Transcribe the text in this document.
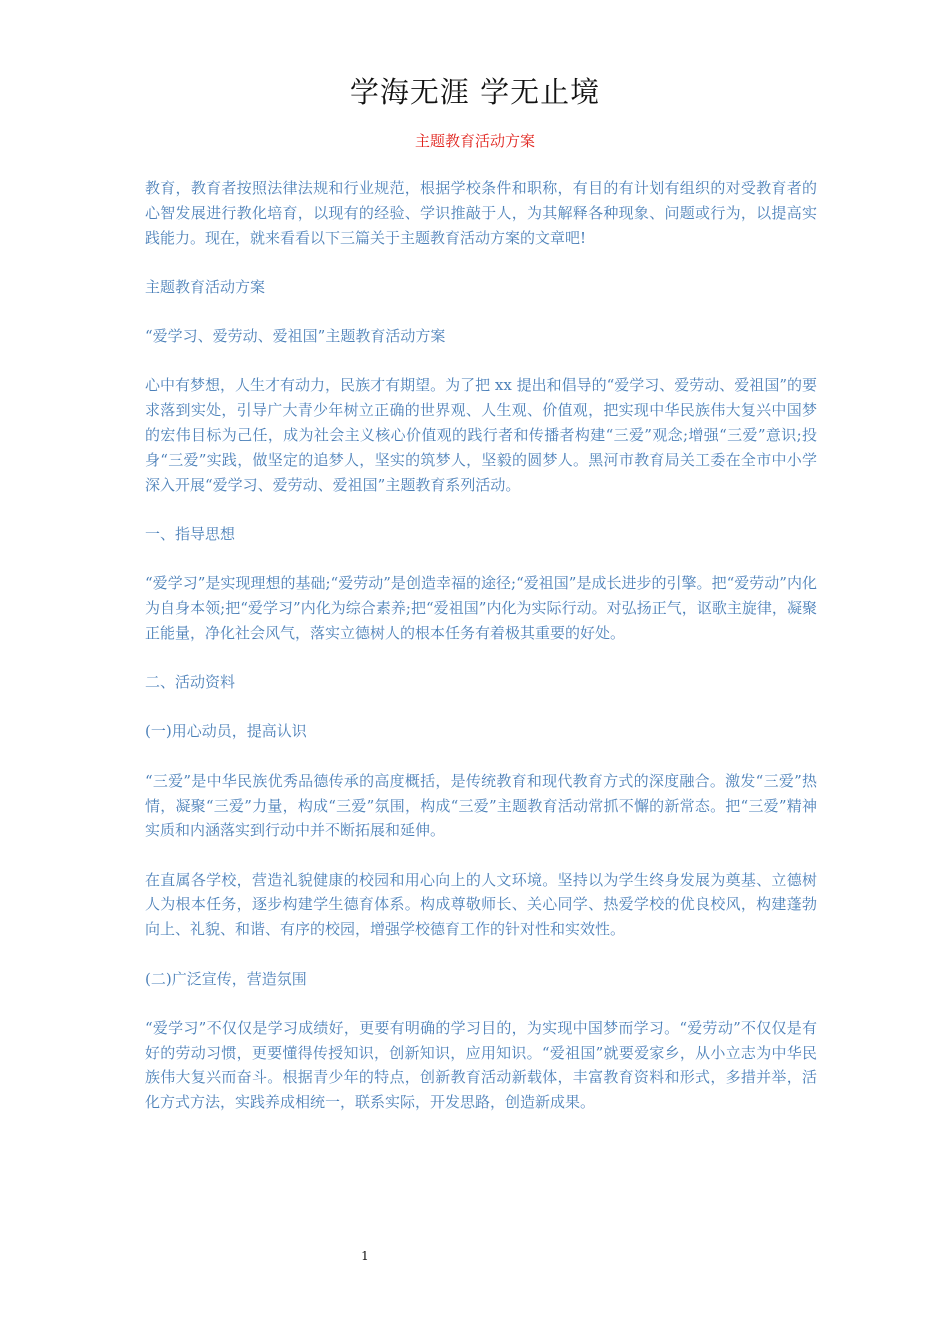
学海无涯 学无止境
主题教育活动方案

教育，教育者按照法律法规和行业规范，根据学校条件和职称，有目的有计划有组织的对受教育者的心智发展进行教化培育，以现有的经验、学识推敲于人，为其解释各种现象、问题或行为，以提高实践能力。现在，就来看看以下三篇关于主题教育活动方案的文章吧!

主题教育活动方案

“爱学习、爱劳动、爱祖国”主题教育活动方案

心中有梦想，人生才有动力，民族才有期望。为了把 xx 提出和倡导的“爱学习、爱劳动、爱祖国”的要求落到实处，引导广大青少年树立正确的世界观、人生观、价值观，把实现中华民族伟大复兴中国梦的宏伟目标为己任，成为社会主义核心价值观的践行者和传播者构建“三爱”观念;增强“三爱”意识;投身“三爱”实践，做坚定的追梦人，坚实的筑梦人，坚毅的圆梦人。黑河市教育局关工委在全市中小学深入开展“爱学习、爱劳动、爱祖国”主题教育系列活动。

一、指导思想

“爱学习”是实现理想的基础;“爱劳动”是创造幸福的途径;“爱祖国”是成长进步的引擎。把“爱劳动”内化为自身本领;把“爱学习”内化为综合素养;把“爱祖国”内化为实际行动。对弘扬正气，讴歌主旋律，凝聚正能量，净化社会风气，落实立德树人的根本任务有着极其重要的好处。

二、活动资料

(一)用心动员，提高认识

“三爱”是中华民族优秀品德传承的高度概括，是传统教育和现代教育方式的深度融合。激发“三爱”热情，凝聚“三爱”力量，构成“三爱”氛围，构成“三爱”主题教育活动常抓不懈的新常态。把“三爱”精神实质和内涵落实到行动中并不断拓展和延伸。

在直属各学校，营造礼貌健康的校园和用心向上的人文环境。坚持以为学生终身发展为奠基、立德树人为根本任务，逐步构建学生德育体系。构成尊敬师长、关心同学、热爱学校的优良校风，构建蓬勃向上、礼貌、和谐、有序的校园，增强学校德育工作的针对性和实效性。

(二)广泛宣传，营造氛围

“爱学习”不仅仅是学习成绩好，更要有明确的学习目的，为实现中国梦而学习。“爱劳动”不仅仅是有好的劳动习惯，更要懂得传授知识，创新知识，应用知识。“爱祖国”就要爱家乡，从小立志为中华民族伟大复兴而奋斗。根据青少年的特点，创新教育活动新载体，丰富教育资料和形式，多措并举，活化方式方法，实践养成相统一，联系实际，开发思路，创造新成果。

1
